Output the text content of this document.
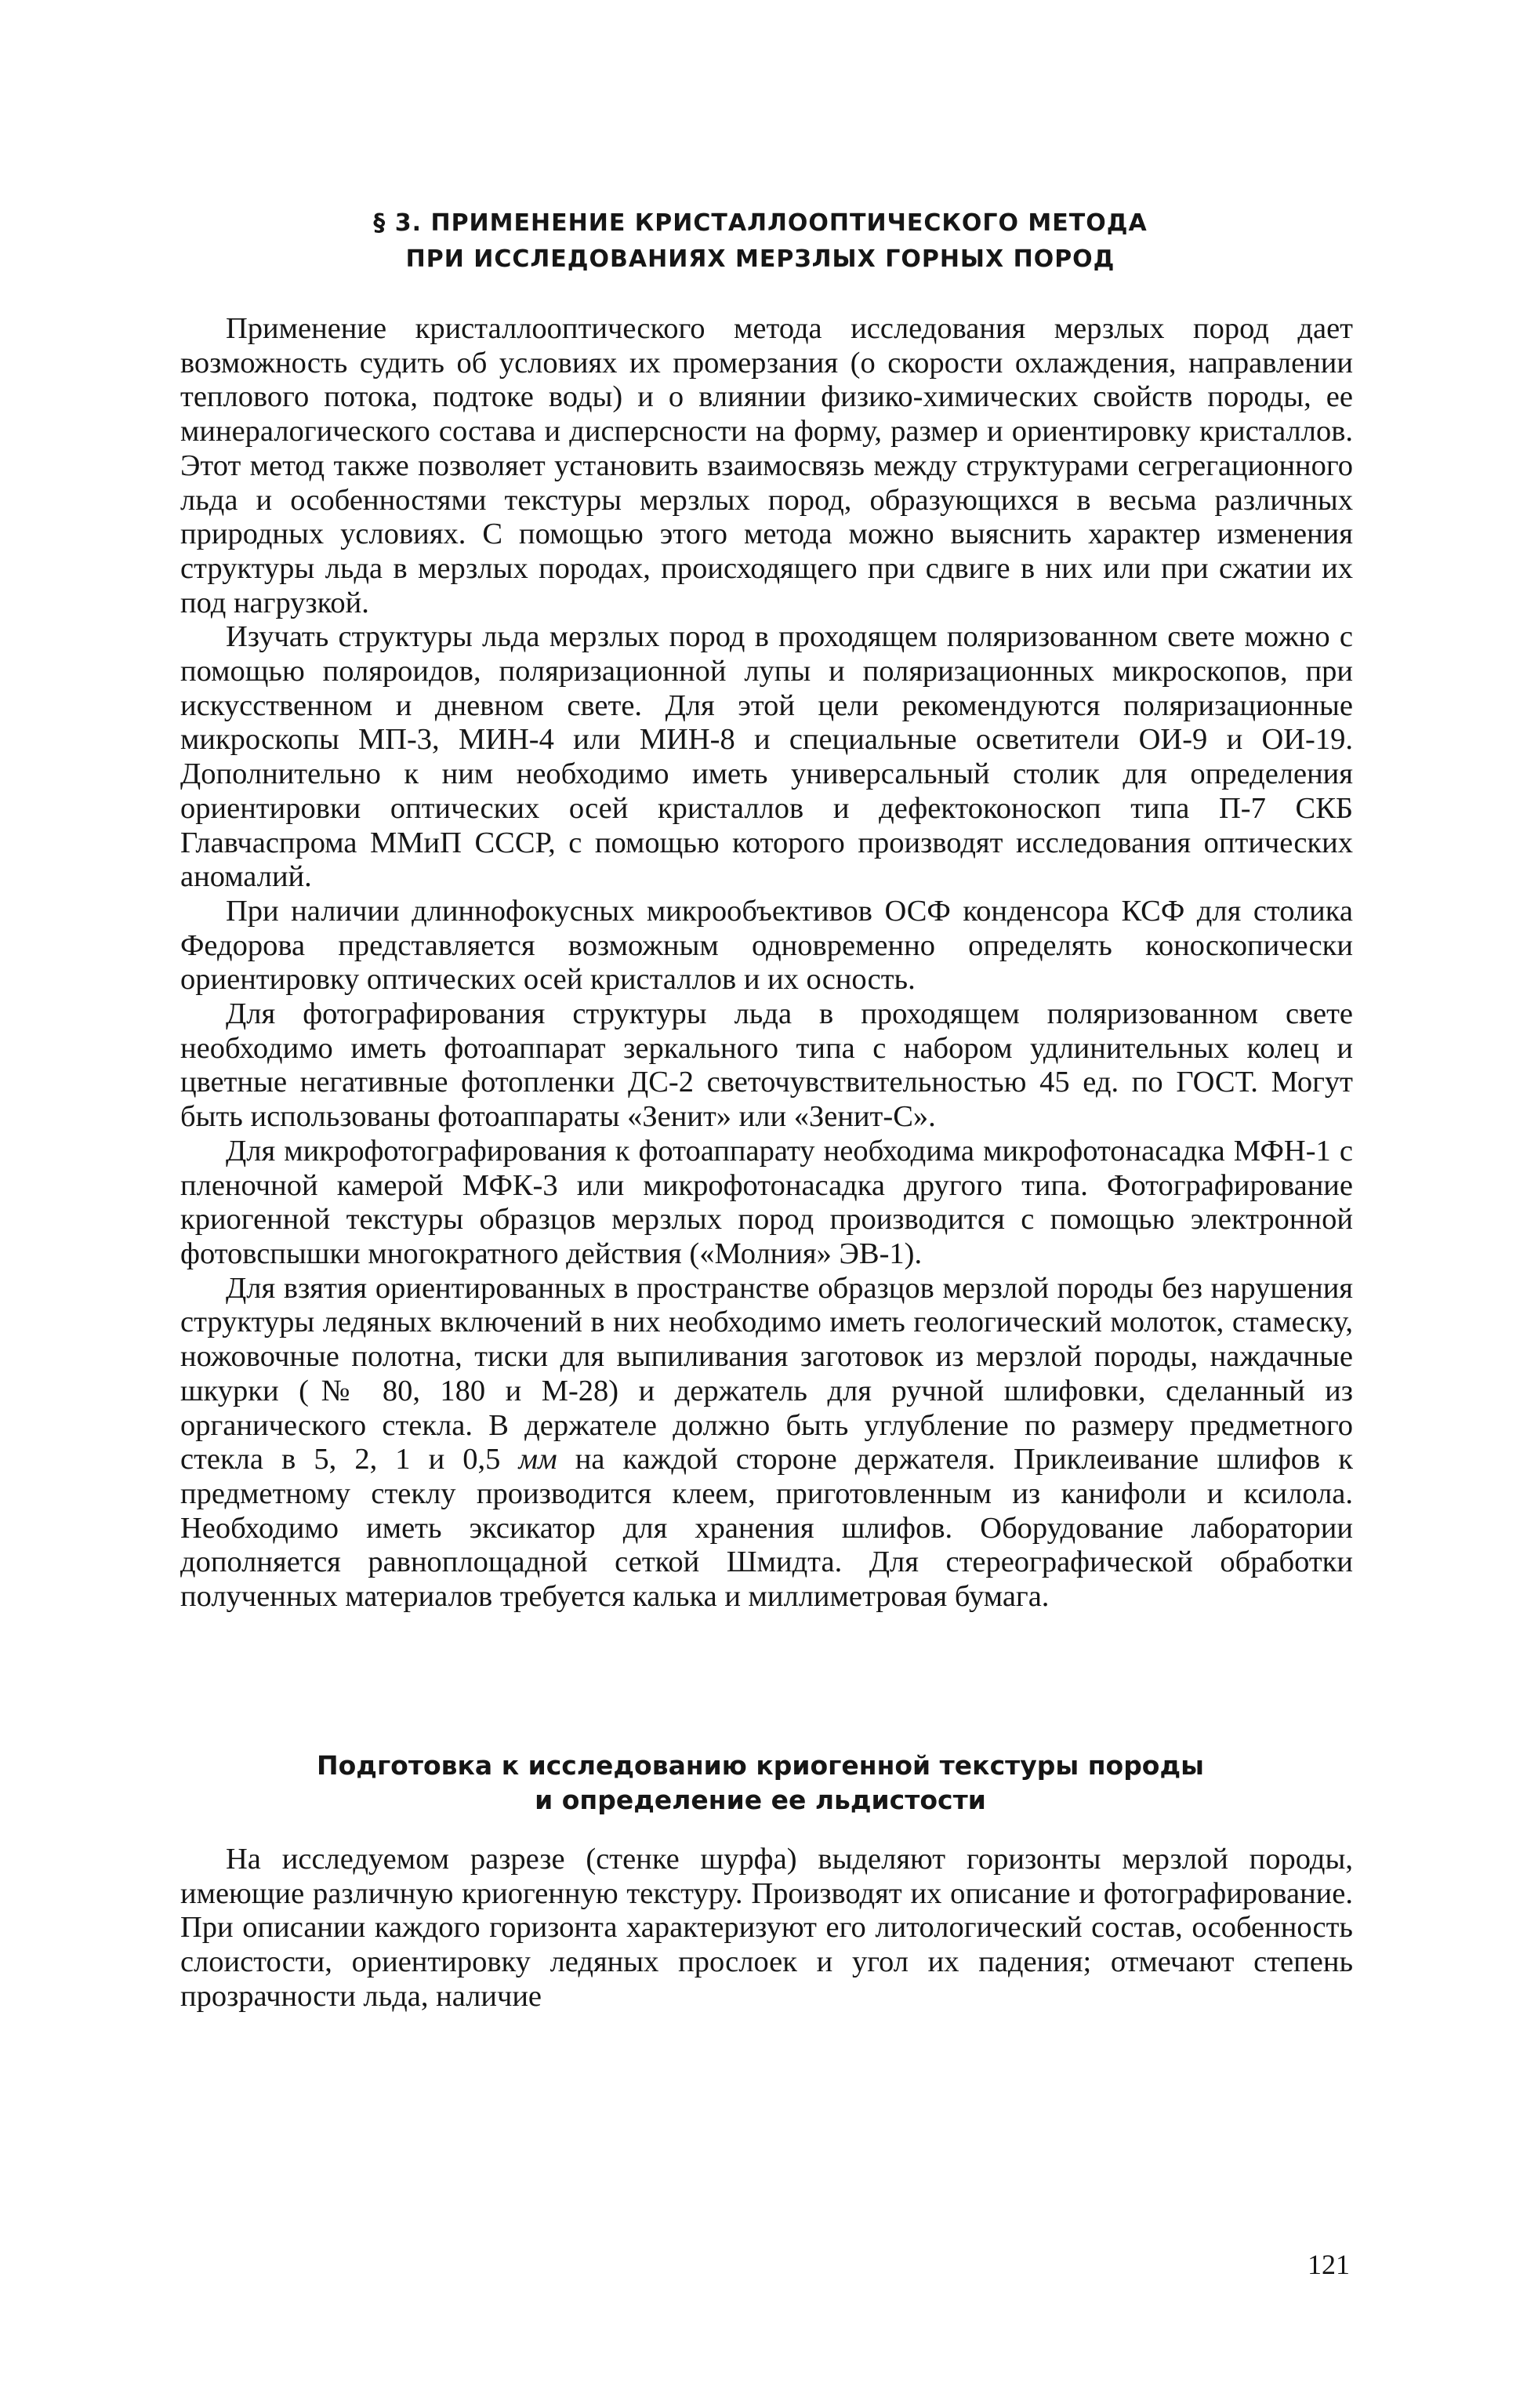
§ 3. ПРИМЕНЕНИЕ КРИСТАЛЛООПТИЧЕСКОГО МЕТОДА
ПРИ ИССЛЕДОВАНИЯХ МЕРЗЛЫХ ГОРНЫХ ПОРОД

Применение кристаллооптического метода исследования мерзлых пород дает возможность судить об условиях их промерзания (о скорости охлаждения, направлении теплового потока, подтоке воды) и о влиянии физико-химических свойств породы, ее минералогического состава и дисперсности на форму, размер и ориентировку кристаллов. Этот метод также позволяет установить взаимосвязь между структурами сегрегационного льда и особенностями текстуры мерзлых пород, образующихся в весьма различных природных условиях. С помощью этого метода можно выяснить характер изменения структуры льда в мерзлых породах, происходящего при сдвиге в них или при сжатии их под нагрузкой.

Изучать структуры льда мерзлых пород в проходящем поляризованном свете можно с помощью поляроидов, поляризационной лупы и поляризационных микроскопов, при искусственном и дневном свете. Для этой цели рекомендуются поляризационные микроскопы МП-3, МИН-4 или МИН-8 и специальные осветители ОИ-9 и ОИ-19. Дополнительно к ним необходимо иметь универсальный столик для определения ориентировки оптических осей кристаллов и дефектоконоскоп типа П-7 СКБ Главчаспрома ММиП СССР, с помощью которого производят исследования оптических аномалий.

При наличии длиннофокусных микрообъективов ОСФ конденсора КСФ для столика Федорова представляется возможным одновременно определять коноскопически ориентировку оптических осей кристаллов и их осность.

Для фотографирования структуры льда в проходящем поляризованном свете необходимо иметь фотоаппарат зеркального типа с набором удлинительных колец и цветные негативные фотопленки ДС-2 светочувствительностью 45 ед. по ГОСТ. Могут быть использованы фотоаппараты «Зенит» или «Зенит-С».

Для микрофотографирования к фотоаппарату необходима микрофотонасадка МФН-1 с пленочной камерой МФК-3 или микрофотонасадка другого типа. Фотографирование криогенной текстуры образцов мерзлых пород производится с помощью электронной фотовспышки многократного действия («Молния» ЭВ-1).

Для взятия ориентированных в пространстве образцов мерзлой породы без нарушения структуры ледяных включений в них необходимо иметь геологический молоток, стамеску, ножовочные полотна, тиски для выпиливания заготовок из мерзлой породы, наждачные шкурки (№ 80, 180 и М-28) и держатель для ручной шлифовки, сделанный из органического стекла. В держателе должно быть углубление по размеру предметного стекла в 5, 2, 1 и 0,5 мм на каждой стороне держателя. Приклеивание шлифов к предметному стеклу производится клеем, приготовленным из канифоли и ксилола. Необходимо иметь эксикатор для хранения шлифов. Оборудование лаборатории дополняется равноплощадной сеткой Шмидта. Для стереографической обработки полученных материалов требуется калька и миллиметровая бумага.

Подготовка к исследованию криогенной текстуры породы
и определение ее льдистости

На исследуемом разрезе (стенке шурфа) выделяют горизонты мерзлой породы, имеющие различную криогенную текстуру. Производят их описание и фотографирование. При описании каждого горизонта характеризуют его литологический состав, особенность слоистости, ориентировку ледяных прослоек и угол их падения; отмечают степень прозрачности льда, наличие

121
